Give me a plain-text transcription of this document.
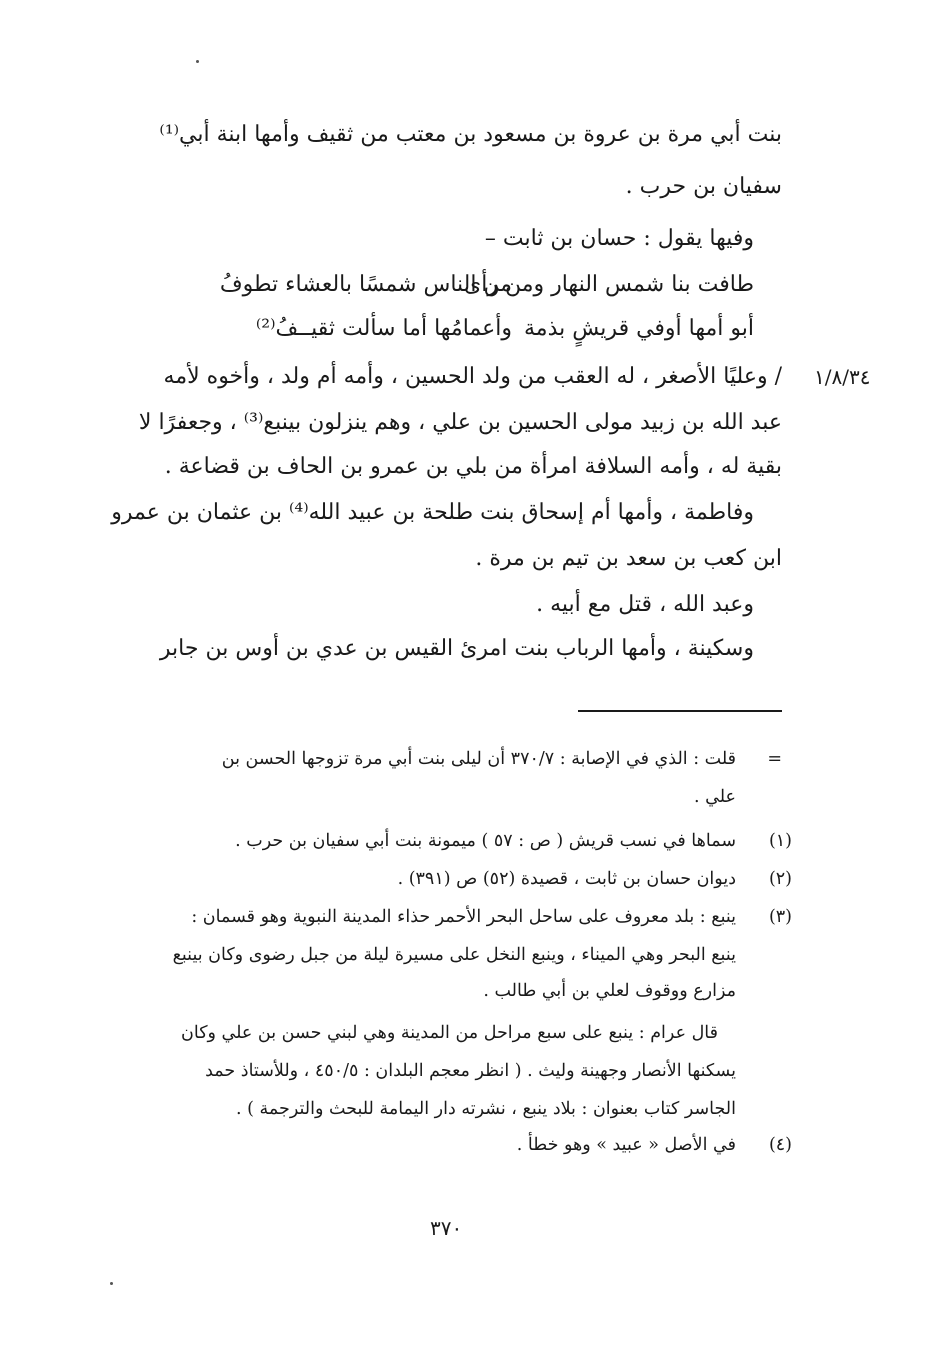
بنت أبي مرة بن عروة بن مسعود بن معتب من ثقيف وأمها ابنة أبي⁽¹⁾
سفيان بن حرب .
وفيها يقول : حسان بن ثابت –
طافت بنا شمس النهار ومن رأى
من الناس شمسًا بالعشاء تطوفُ
أبو أمها أوفي قريشٍ بذمة
وأعمامُها أما سألت ثقيــفُ⁽²⁾
١/٨/٣٤
/ وعليًا الأصغر ، له العقب من ولد الحسين ، وأمه أم ولد ، وأخوه لأمه
عبد الله بن زبيد مولى الحسين بن علي ، وهم ينزلون بينبع⁽³⁾ ، وجعفرًا لا
بقية له ، وأمه السلافة امرأة من بلي بن عمرو بن الحاف بن قضاعة .
وفاطمة ، وأمها أم إسحاق بنت طلحة بن عبيد الله⁽⁴⁾ بن عثمان بن عمرو
ابن كعب بن سعد بن تيم بن مرة .
وعبد الله ، قتل مع أبيه .
وسكينة ، وأمها الرباب بنت امرئ القيس بن عدي بن أوس بن جابر
=
قلت : الذي في الإصابة : ٣٧٠/٧ أن ليلى بنت أبي مرة تزوجها الحسن بن
علي .
(١)
سماها في نسب قريش ( ص : ٥٧ ) ميمونة بنت أبي سفيان بن حرب .
(٢)
ديوان حسان بن ثابت ، قصيدة (٥٢) ص (٣٩١) .
(٣)
ينبع : بلد معروف على ساحل البحر الأحمر حذاء المدينة النبوية وهو قسمان :
ينبع البحر وهي الميناء ، وينبع النخل على مسيرة ليلة من جبل رضوى وكان بينبع
مزارع ووقوف لعلي بن أبي طالب .
قال عرام : ينبع على سبع مراحل من المدينة وهي لبني حسن بن علي وكان
يسكنها الأنصار وجهينة وليث . ( انظر معجم البلدان : ٤٥٠/٥ ، وللأستاذ حمد
الجاسر كتاب بعنوان : بلاد ينبع ، نشرته دار اليمامة للبحث والترجمة ) .
(٤)
في الأصل « عبيد » وهو خطأ .
٣٧٠
